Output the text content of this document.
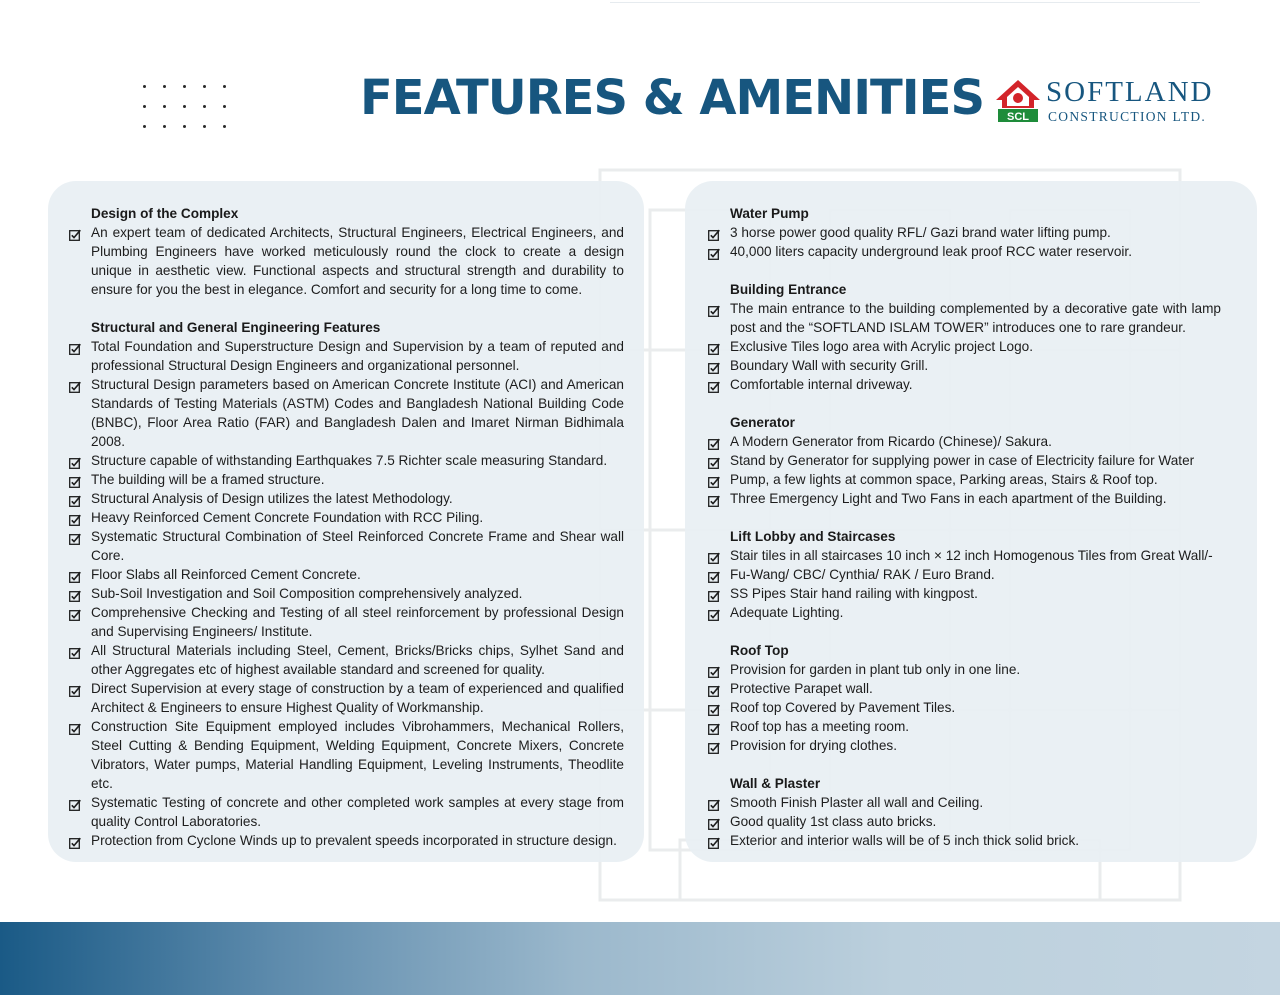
FEATURES & AMENITIES SCL
SOFTLAND
CONSTRUCTION LTD.
Design of the Complex
An expert team of dedicated Architects, Structural Engineers, Electrical Engineers, and Plumbing Engineers have worked meticulously round the clock to create a design unique in aesthetic view. Functional aspects and structural strength and durability to ensure for you the best in elegance. Comfort and security for a long time to come.
Structural and General Engineering Features
Total Foundation and Superstructure Design and Supervision by a team of reputed and professional Structural Design Engineers and organizational personnel.
Structural Design parameters based on American Concrete Institute (ACI) and American Standards of Testing Materials (ASTM) Codes and Bangladesh National Building Code (BNBC), Floor Area Ratio (FAR) and Bangladesh Dalen and Imaret Nirman Bidhimala 2008.
Structure capable of withstanding Earthquakes 7.5 Richter scale measuring Standard.
The building will be a framed structure.
Structural Analysis of Design utilizes the latest Methodology.
Heavy Reinforced Cement Concrete Foundation with RCC Piling.
Systematic Structural Combination of Steel Reinforced Concrete Frame and Shear wall Core.
Floor Slabs all Reinforced Cement Concrete.
Sub-Soil Investigation and Soil Composition comprehensively analyzed.
Comprehensive Checking and Testing of all steel reinforcement by professional Design and Supervising Engineers/ Institute.
All Structural Materials including Steel, Cement, Bricks/Bricks chips, Sylhet Sand and other Aggregates etc of highest available standard and screened for quality.
Direct Supervision at every stage of construction by a team of experienced and qualified Architect & Engineers to ensure Highest Quality of Workmanship.
Construction Site Equipment employed includes Vibrohammers, Mechanical Rollers, Steel Cutting & Bending Equipment, Welding Equipment, Concrete Mixers, Concrete Vibrators, Water pumps, Material Handling Equipment, Leveling Instruments, Theodlite etc.
Systematic Testing of concrete and other completed work samples at every stage from quality Control Laboratories.
Protection from Cyclone Winds up to prevalent speeds incorporated in structure design.
Water Pump
3 horse power good quality RFL/ Gazi brand water lifting pump.
40,000 liters capacity underground leak proof RCC water reservoir.
Building Entrance
The main entrance to the building complemented by a decorative gate with lamp post and the “SOFTLAND ISLAM TOWER” introduces one to rare grandeur.
Exclusive Tiles logo area with Acrylic project Logo.
Boundary Wall with security Grill.
Comfortable internal driveway.
Generator
A Modern Generator from Ricardo (Chinese)/ Sakura.
Stand by Generator for supplying power in case of Electricity failure for Water
Pump, a few lights at common space, Parking areas, Stairs & Roof top.
Three Emergency Light and Two Fans in each apartment of the Building.
Lift Lobby and Staircases
Stair tiles in all staircases 10 inch × 12 inch Homogenous Tiles from Great Wall/-
Fu-Wang/ CBC/ Cynthia/ RAK / Euro Brand.
SS Pipes Stair hand railing with kingpost.
Adequate Lighting.
Roof Top
Provision for garden in plant tub only in one line.
Protective Parapet wall.
Roof top Covered by Pavement Tiles.
Roof top has a meeting room.
Provision for drying clothes.
Wall & Plaster
Smooth Finish Plaster all wall and Ceiling.
Good quality 1st class auto bricks.
Exterior and interior walls will be of 5 inch thick solid brick.
